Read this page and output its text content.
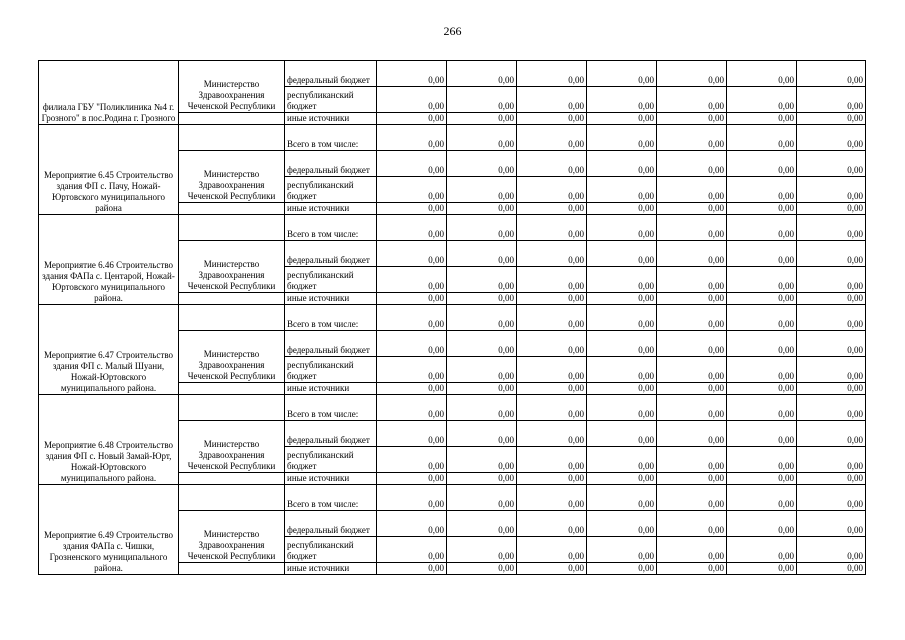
266
филиала ГБУ "Поликлиника №4 г. Грозного" в пос.Родина г. Грозного	Министерство Здравоохранения Чеченской Республики	федеральный бюджет	0,00	0,00	0,00	0,00	0,00	0,00	0,00
		республиканский бюджет	0,00	0,00	0,00	0,00	0,00	0,00	0,00
		иные источники	0,00	0,00	0,00	0,00	0,00	0,00	0,00
Мероприятие 6.45 Строительство здания ФП с. Пачу, Ножай-Юртовского муниципального района		Всего в том числе:	0,00	0,00	0,00	0,00	0,00	0,00	0,00
	Министерство Здравоохранения Чеченской Республики	федеральный бюджет	0,00	0,00	0,00	0,00	0,00	0,00	0,00
		республиканский бюджет	0,00	0,00	0,00	0,00	0,00	0,00	0,00
		иные источники	0,00	0,00	0,00	0,00	0,00	0,00	0,00
Мероприятие 6.46 Строительство здания ФАПа с. Центарой, Ножай-Юртовского муниципального района.		Всего в том числе:	0,00	0,00	0,00	0,00	0,00	0,00	0,00
	Министерство Здравоохранения Чеченской Республики	федеральный бюджет	0,00	0,00	0,00	0,00	0,00	0,00	0,00
		республиканский бюджет	0,00	0,00	0,00	0,00	0,00	0,00	0,00
		иные источники	0,00	0,00	0,00	0,00	0,00	0,00	0,00
Мероприятие 6.47 Строительство здания ФП с. Малый Шуани, Ножай-Юртовского муниципального района.		Всего в том числе:	0,00	0,00	0,00	0,00	0,00	0,00	0,00
	Министерство Здравоохранения Чеченской Республики	федеральный бюджет	0,00	0,00	0,00	0,00	0,00	0,00	0,00
		республиканский бюджет	0,00	0,00	0,00	0,00	0,00	0,00	0,00
		иные источники	0,00	0,00	0,00	0,00	0,00	0,00	0,00
Мероприятие 6.48 Строительство здания ФП с. Новый Замай-Юрт, Ножай-Юртовского муниципального района.		Всего в том числе:	0,00	0,00	0,00	0,00	0,00	0,00	0,00
	Министерство Здравоохранения Чеченской Республики	федеральный бюджет	0,00	0,00	0,00	0,00	0,00	0,00	0,00
		республиканский бюджет	0,00	0,00	0,00	0,00	0,00	0,00	0,00
		иные источники	0,00	0,00	0,00	0,00	0,00	0,00	0,00
Мероприятие 6.49 Строительство здания ФАПа с. Чишки, Грозненского муниципального района.		Всего в том числе:	0,00	0,00	0,00	0,00	0,00	0,00	0,00
	Министерство Здравоохранения Чеченской Республики	федеральный бюджет	0,00	0,00	0,00	0,00	0,00	0,00	0,00
		республиканский бюджет	0,00	0,00	0,00	0,00	0,00	0,00	0,00
		иные источники	0,00	0,00	0,00	0,00	0,00	0,00	0,00
